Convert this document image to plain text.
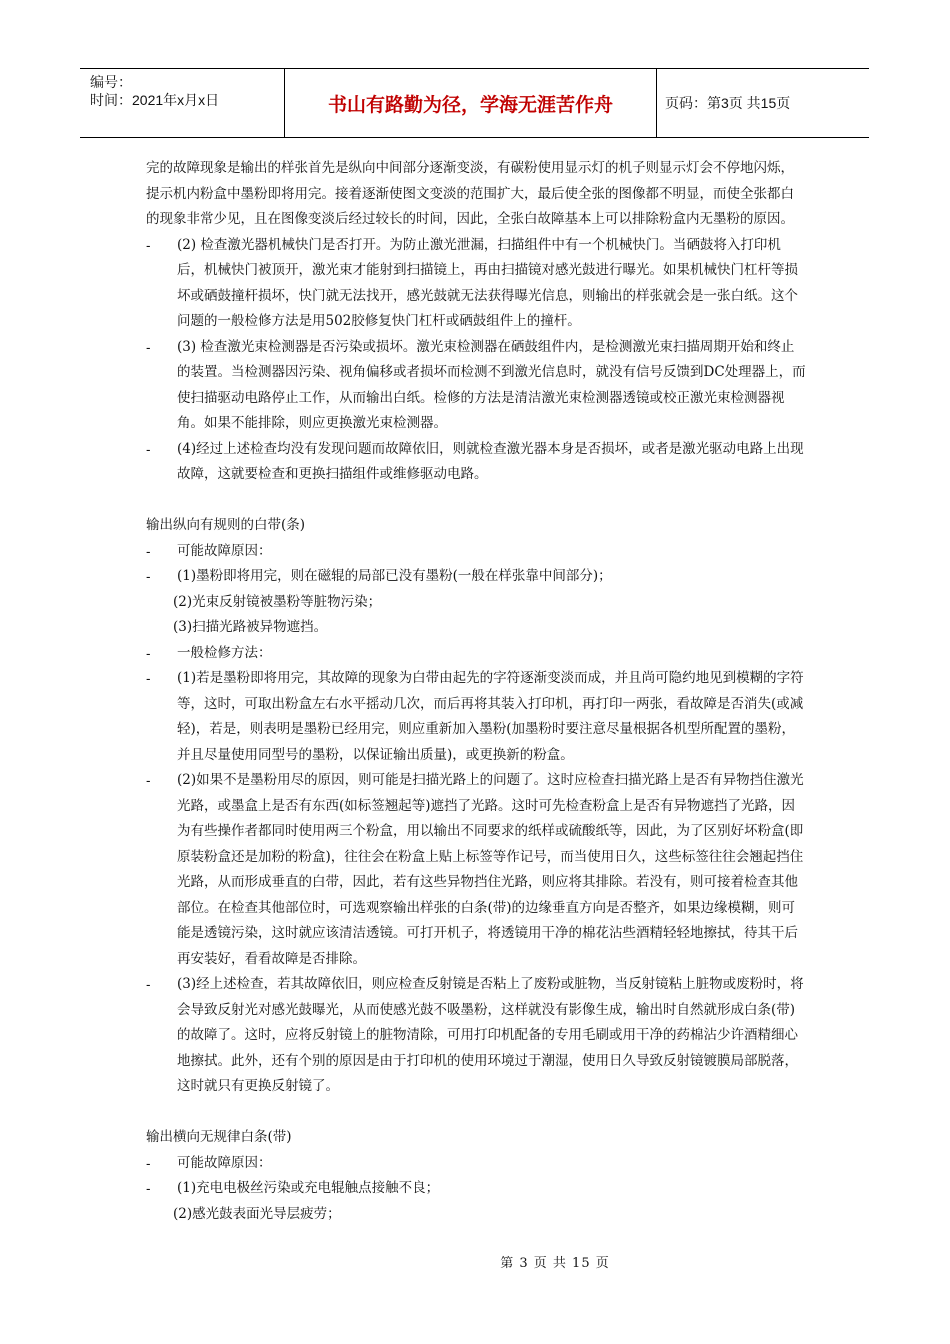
编号：
时间：2021年x月x日	书山有路勤为径，学海无涯苦作舟	页码：第3页 共15页

完的故障现象是输出的样张首先是纵向中间部分逐渐变淡，有碳粉使用显示灯的机子则显示灯会不停地闪烁，提示机内粉盒中墨粉即将用完。接着逐渐使图文变淡的范围扩大，最后使全张的图像都不明显，而使全张都白的现象非常少见，且在图像变淡后经过较长的时间，因此，全张白故障基本上可以排除粉盒内无墨粉的原因。

-	(2) 检查激光器机械快门是否打开。为防止激光泄漏，扫描组件中有一个机械快门。当硒鼓将入打印机后，机械快门被顶开，激光束才能射到扫描镜上，再由扫描镜对感光鼓进行曝光。如果机械快门杠杆等损坏或硒鼓撞杆损坏，快门就无法找开，感光鼓就无法获得曝光信息，则输出的样张就会是一张白纸。这个问题的一般检修方法是用502胶修复快门杠杆或硒鼓组件上的撞杆。
-	(3) 检查激光束检测器是否污染或损坏。激光束检测器在硒鼓组件内，是检测激光束扫描周期开始和终止的装置。当检测器因污染、视角偏移或者损坏而检测不到激光信息时，就没有信号反馈到DC处理器上，而使扫描驱动电路停止工作，从而输出白纸。检修的方法是清洁激光束检测器透镜或校正激光束检测器视角。如果不能排除，则应更换激光束检测器。
-	(4)经过上述检查均没有发现问题而故障依旧，则就检查激光器本身是否损坏，或者是激光驱动电路上出现故障，这就要检查和更换扫描组件或维修驱动电路。

输出纵向有规则的白带(条)

-	可能故障原因：
-	(1)墨粉即将用完，则在磁辊的局部已没有墨粉(一般在样张靠中间部分)；

(2)光束反射镜被墨粉等脏物污染；

(3)扫描光路被异物遮挡。

-	一般检修方法：
-	(1)若是墨粉即将用完，其故障的现象为白带由起先的字符逐渐变淡而成，并且尚可隐约地见到模糊的字符等，这时，可取出粉盒左右水平摇动几次，而后再将其装入打印机，再打印一两张，看故障是否消失(或减轻)，若是，则表明是墨粉已经用完，则应重新加入墨粉(加墨粉时要注意尽量根据各机型所配置的墨粉，并且尽量使用同型号的墨粉，以保证输出质量)，或更换新的粉盒。
-	(2)如果不是墨粉用尽的原因，则可能是扫描光路上的问题了。这时应检查扫描光路上是否有异物挡住激光光路，或墨盒上是否有东西(如标签翘起等)遮挡了光路。这时可先检查粉盒上是否有异物遮挡了光路，因为有些操作者都同时使用两三个粉盒，用以输出不同要求的纸样或硫酸纸等，因此，为了区别好坏粉盒(即原装粉盒还是加粉的粉盒)，往往会在粉盒上贴上标签等作记号，而当使用日久，这些标签往往会翘起挡住光路，从而形成垂直的白带，因此，若有这些异物挡住光路，则应将其排除。若没有，则可接着检查其他部位。在检查其他部位时，可选观察输出样张的白条(带)的边缘垂直方向是否整齐，如果边缘模糊，则可能是透镜污染，这时就应该清洁透镜。可打开机子，将透镜用干净的棉花沾些酒精轻轻地擦拭，待其干后再安装好，看看故障是否排除。
-	(3)经上述检查，若其故障依旧，则应检查反射镜是否粘上了废粉或脏物，当反射镜粘上脏物或废粉时，将会导致反射光对感光鼓曝光，从而使感光鼓不吸墨粉，这样就没有影像生成，输出时自然就形成白条(带)的故障了。这时，应将反射镜上的脏物清除，可用打印机配备的专用毛刷或用干净的药棉沾少许酒精细心地擦拭。此外，还有个别的原因是由于打印机的使用环境过于潮湿，使用日久导致反射镜镀膜局部脱落，这时就只有更换反射镜了。

输出横向无规律白条(带)

-	可能故障原因：
-	(1)充电电极丝污染或充电辊触点接触不良；

(2)感光鼓表面光导层疲劳；

第 3 页 共 15 页
